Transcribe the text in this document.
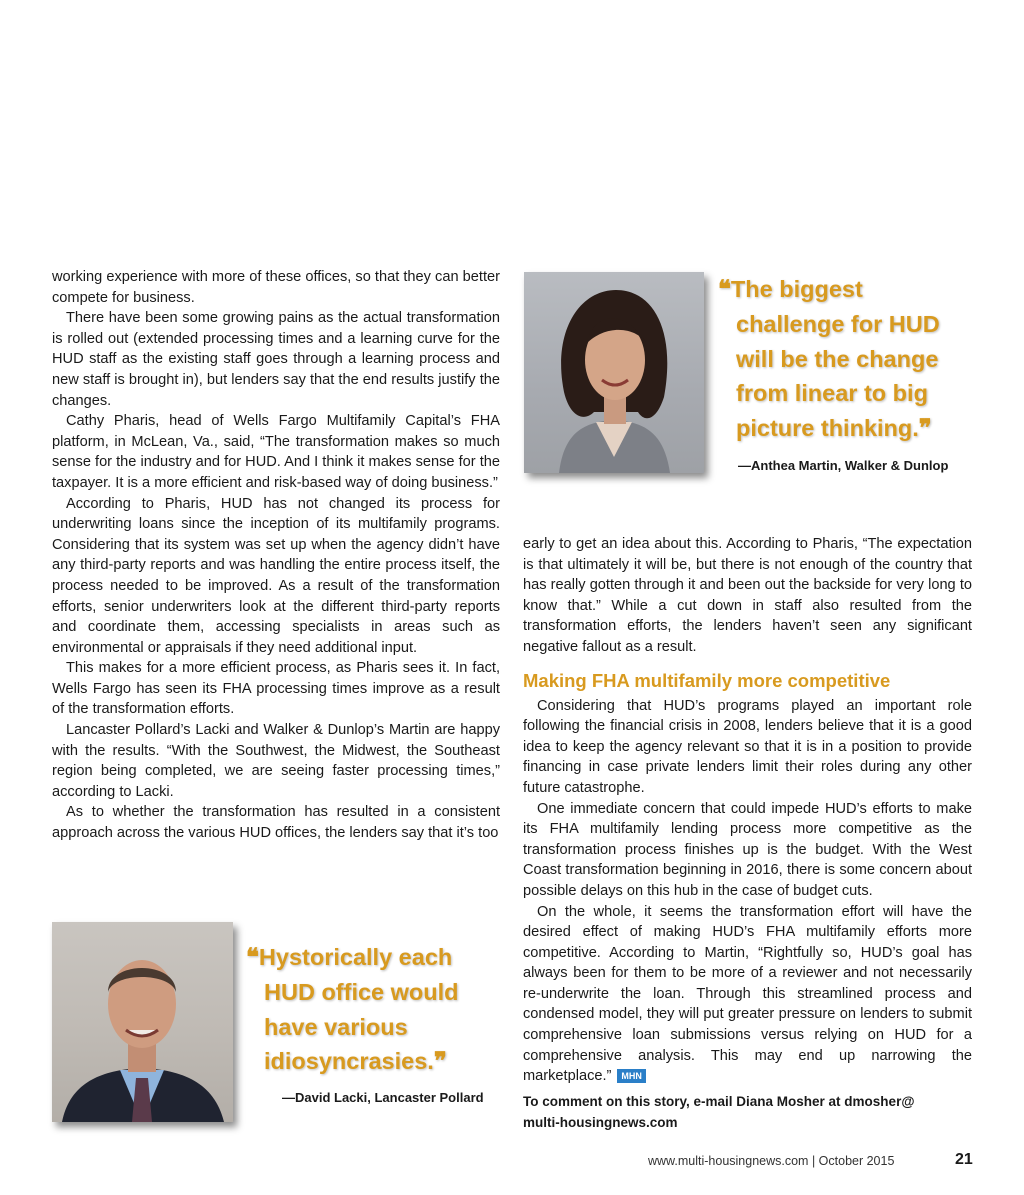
working experience with more of these offices, so that they can better compete for business.

There have been some growing pains as the actual transformation is rolled out (extended processing times and a learning curve for the HUD staff as the existing staff goes through a learning process and new staff is brought in), but lenders say that the end results justify the changes.

Cathy Pharis, head of Wells Fargo Multifamily Capital’s FHA platform, in McLean, Va., said, “The transformation makes so much sense for the industry and for HUD. And I think it makes sense for the taxpayer. It is a more efficient and risk-based way of doing business.”

According to Pharis, HUD has not changed its process for underwriting loans since the inception of its multifamily programs. Considering that its system was set up when the agency didn’t have any third-party reports and was handling the entire process itself, the process needed to be improved. As a result of the transformation efforts, senior underwriters look at the different third-party reports and coordinate them, accessing specialists in areas such as environmental or appraisals if they need additional input.

This makes for a more efficient process, as Pharis sees it. In fact, Wells Fargo has seen its FHA processing times improve as a result of the transformation efforts.

Lancaster Pollard’s Lacki and Walker & Dunlop’s Martin are happy with the results. “With the Southwest, the Midwest, the Southeast region being completed, we are seeing faster processing times,” according to Lacki.

As to whether the transformation has resulted in a consistent approach across the various HUD offices, the lenders say that it’s too

❝The biggest
challenge for HUD
will be the change
from linear to big
picture thinking.❞
—Anthea Martin, Walker & Dunlop

early to get an idea about this. According to Pharis, “The expectation is that ultimately it will be, but there is not enough of the country that has really gotten through it and been out the backside for very long to know that.” While a cut down in staff also resulted from the transformation efforts, the lenders haven’t seen any significant negative fallout as a result.

Making FHA multifamily more competitive

Considering that HUD’s programs played an important role following the financial crisis in 2008, lenders believe that it is a good idea to keep the agency relevant so that it is in a position to provide financing in case private lenders limit their roles during any other future catastrophe.

One immediate concern that could impede HUD’s efforts to make its FHA multifamily lending process more competitive as the transformation process finishes up is the budget. With the West Coast transformation beginning in 2016, there is some concern about possible delays on this hub in the case of budget cuts.

On the whole, it seems the transformation effort will have the desired effect of making HUD’s FHA multifamily efforts more competitive. According to Martin, “Rightfully so, HUD’s goal has always been for them to be more of a reviewer and not necessarily re-underwrite the loan. Through this streamlined process and condensed model, they will put greater pressure on lenders to submit comprehensive loan submissions versus relying on HUD for a comprehensive analysis. This may end up narrowing the marketplace.” MHN

❝Hystorically each
HUD office would
have various
idiosyncrasies.❞
—David Lacki, Lancaster Pollard	To comment on this story, e-mail Diana Mosher at dmosher@
multi-housingnews.com
www.multi-housingnews.com | October 2015	21
